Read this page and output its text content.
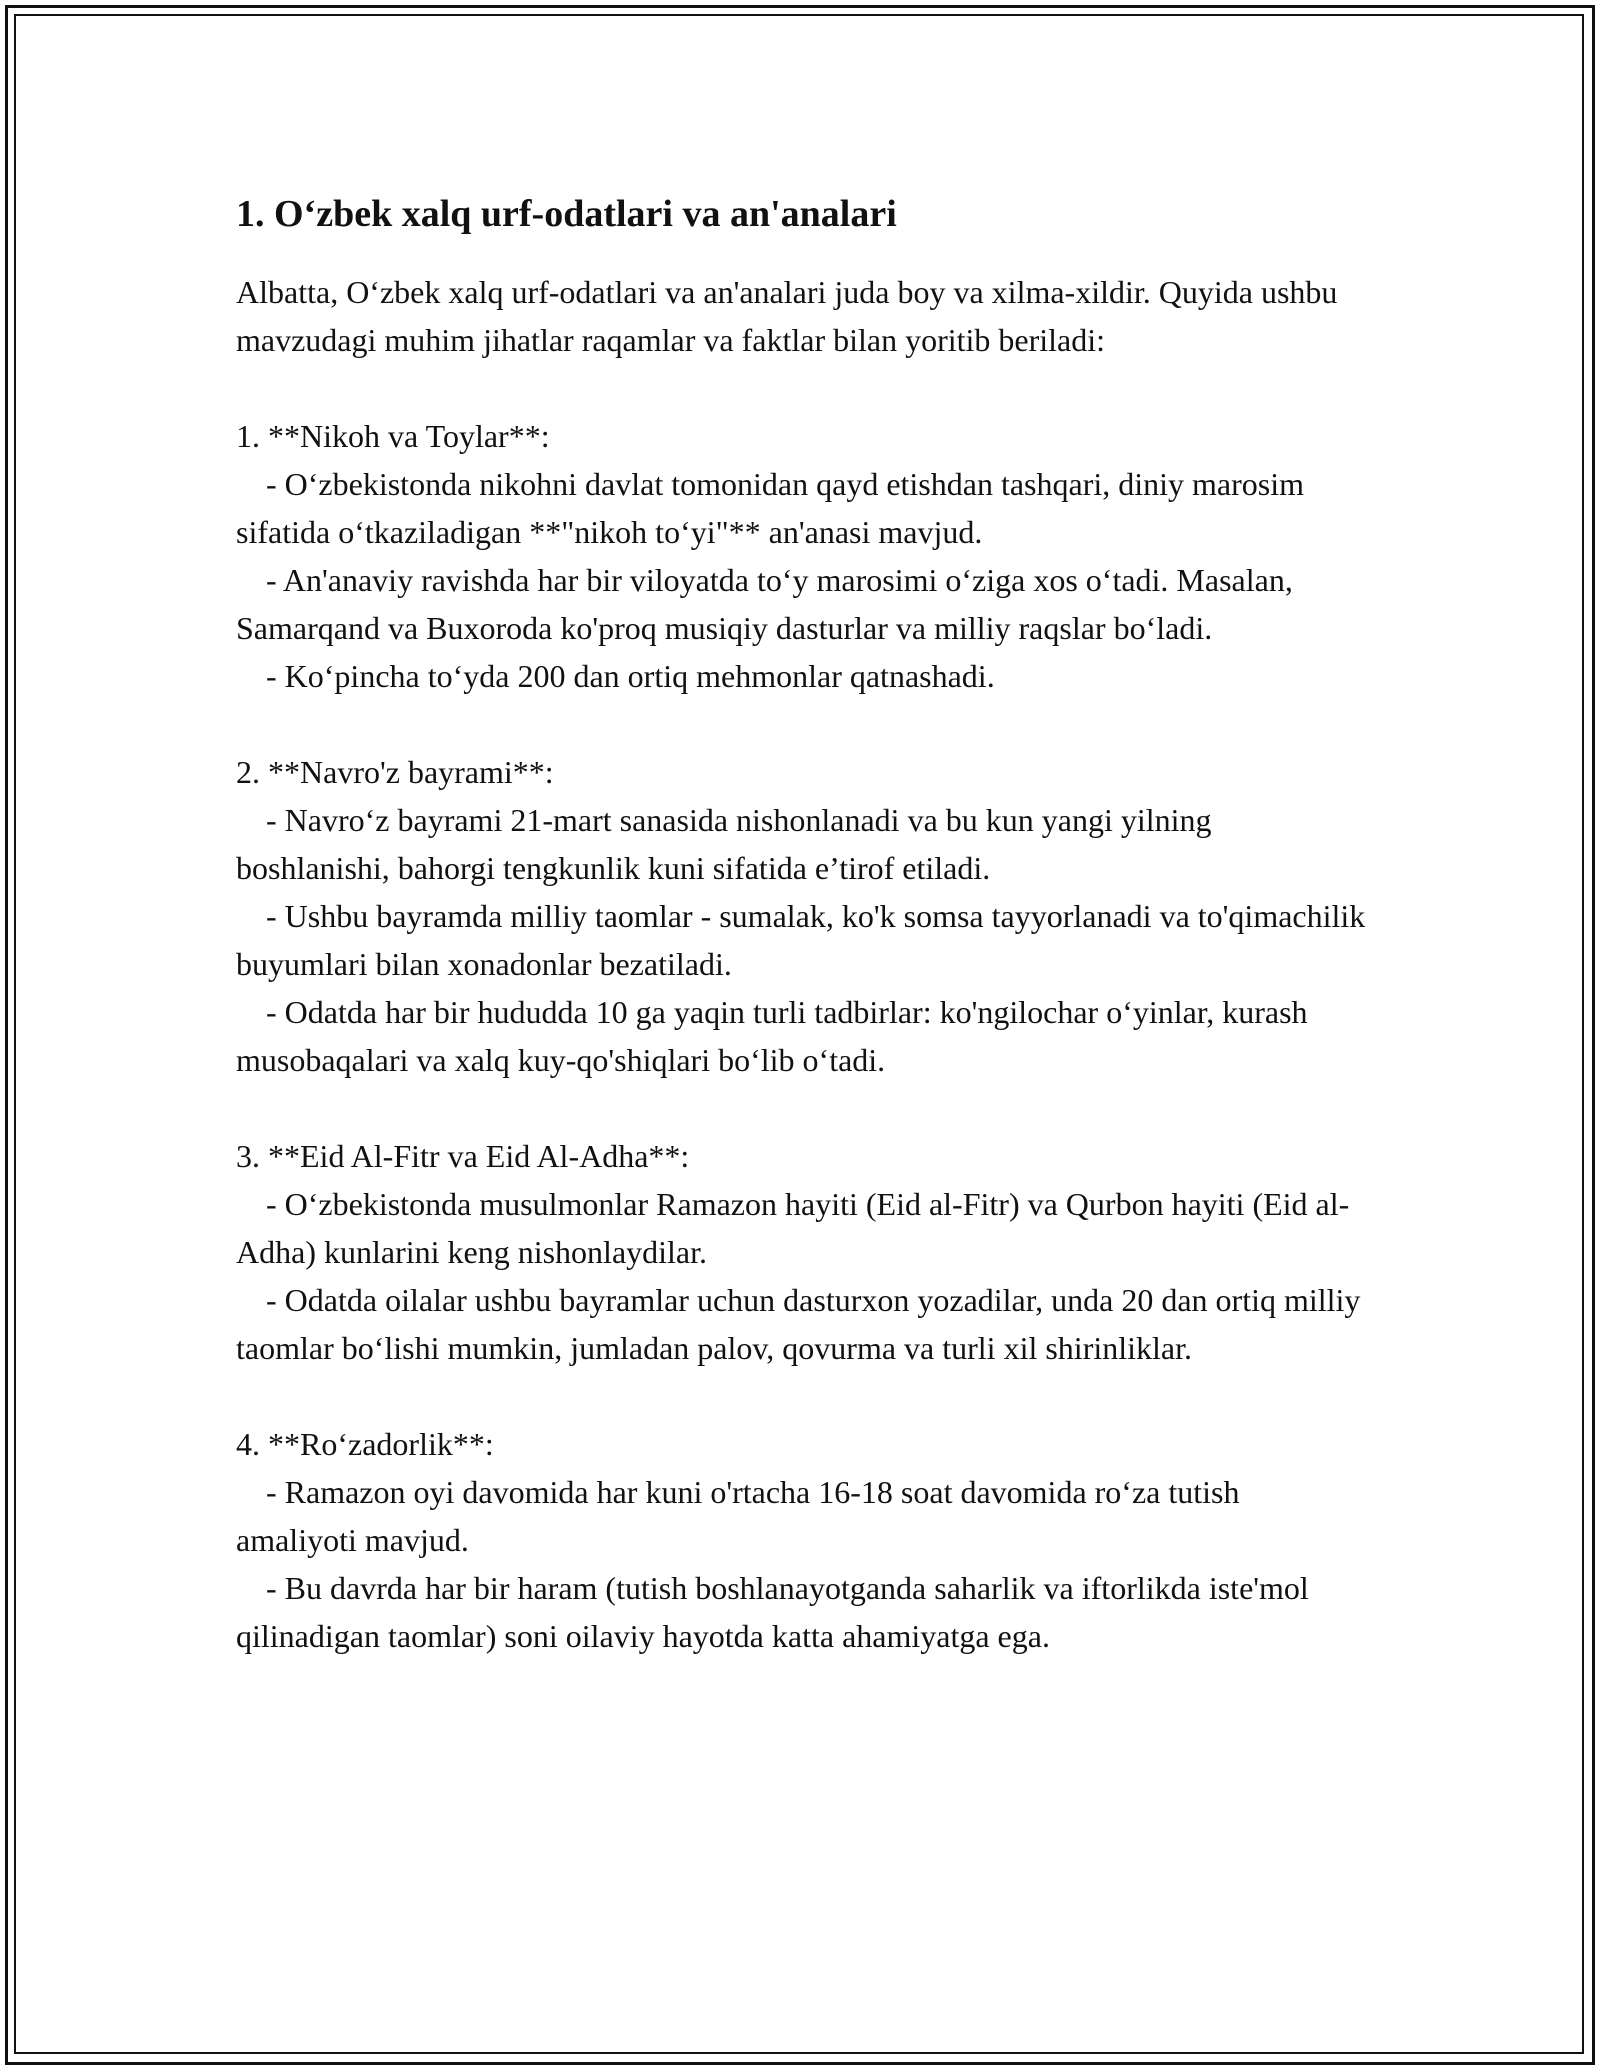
1. O‘zbek xalq urf-odatlari va an'analari

Albatta, O‘zbek xalq urf-odatlari va an'analari juda boy va xilma-xildir. Quyida ushbu mavzudagi muhim jihatlar raqamlar va faktlar bilan yoritib beriladi:

1. **Nikoh va Toylar**:

- O‘zbekistonda nikohni davlat tomonidan qayd etishdan tashqari, diniy marosim sifatida o‘tkaziladigan **"nikoh to‘yi"** an'anasi mavjud.

- An'anaviy ravishda har bir viloyatda to‘y marosimi o‘ziga xos o‘tadi. Masalan, Samarqand va Buxoroda ko'proq musiqiy dasturlar va milliy raqslar bo‘ladi.

- Ko‘pincha to‘yda 200 dan ortiq mehmonlar qatnashadi.

2. **Navro'z bayrami**:

- Navro‘z bayrami 21-mart sanasida nishonlanadi va bu kun yangi yilning boshlanishi, bahorgi tengkunlik kuni sifatida e’tirof etiladi.

- Ushbu bayramda milliy taomlar - sumalak, ko'k somsa tayyorlanadi va to'qimachilik buyumlari bilan xonadonlar bezatiladi.

- Odatda har bir hududda 10 ga yaqin turli tadbirlar: ko'ngilochar o‘yinlar, kurash musobaqalari va xalq kuy-qo'shiqlari bo‘lib o‘tadi.

3. **Eid Al-Fitr va Eid Al-Adha**:

- O‘zbekistonda musulmonlar Ramazon hayiti (Eid al-Fitr) va Qurbon hayiti (Eid al-Adha) kunlarini keng nishonlaydilar.

- Odatda oilalar ushbu bayramlar uchun dasturxon yozadilar, unda 20 dan ortiq milliy taomlar bo‘lishi mumkin, jumladan palov, qovurma va turli xil shirinliklar.

4. **Ro‘zadorlik**:

- Ramazon oyi davomida har kuni o'rtacha 16-18 soat davomida ro‘za tutish amaliyoti mavjud.

- Bu davrda har bir haram (tutish boshlanayotganda saharlik va iftorlikda iste'mol qilinadigan taomlar) soni oilaviy hayotda katta ahamiyatga ega.
